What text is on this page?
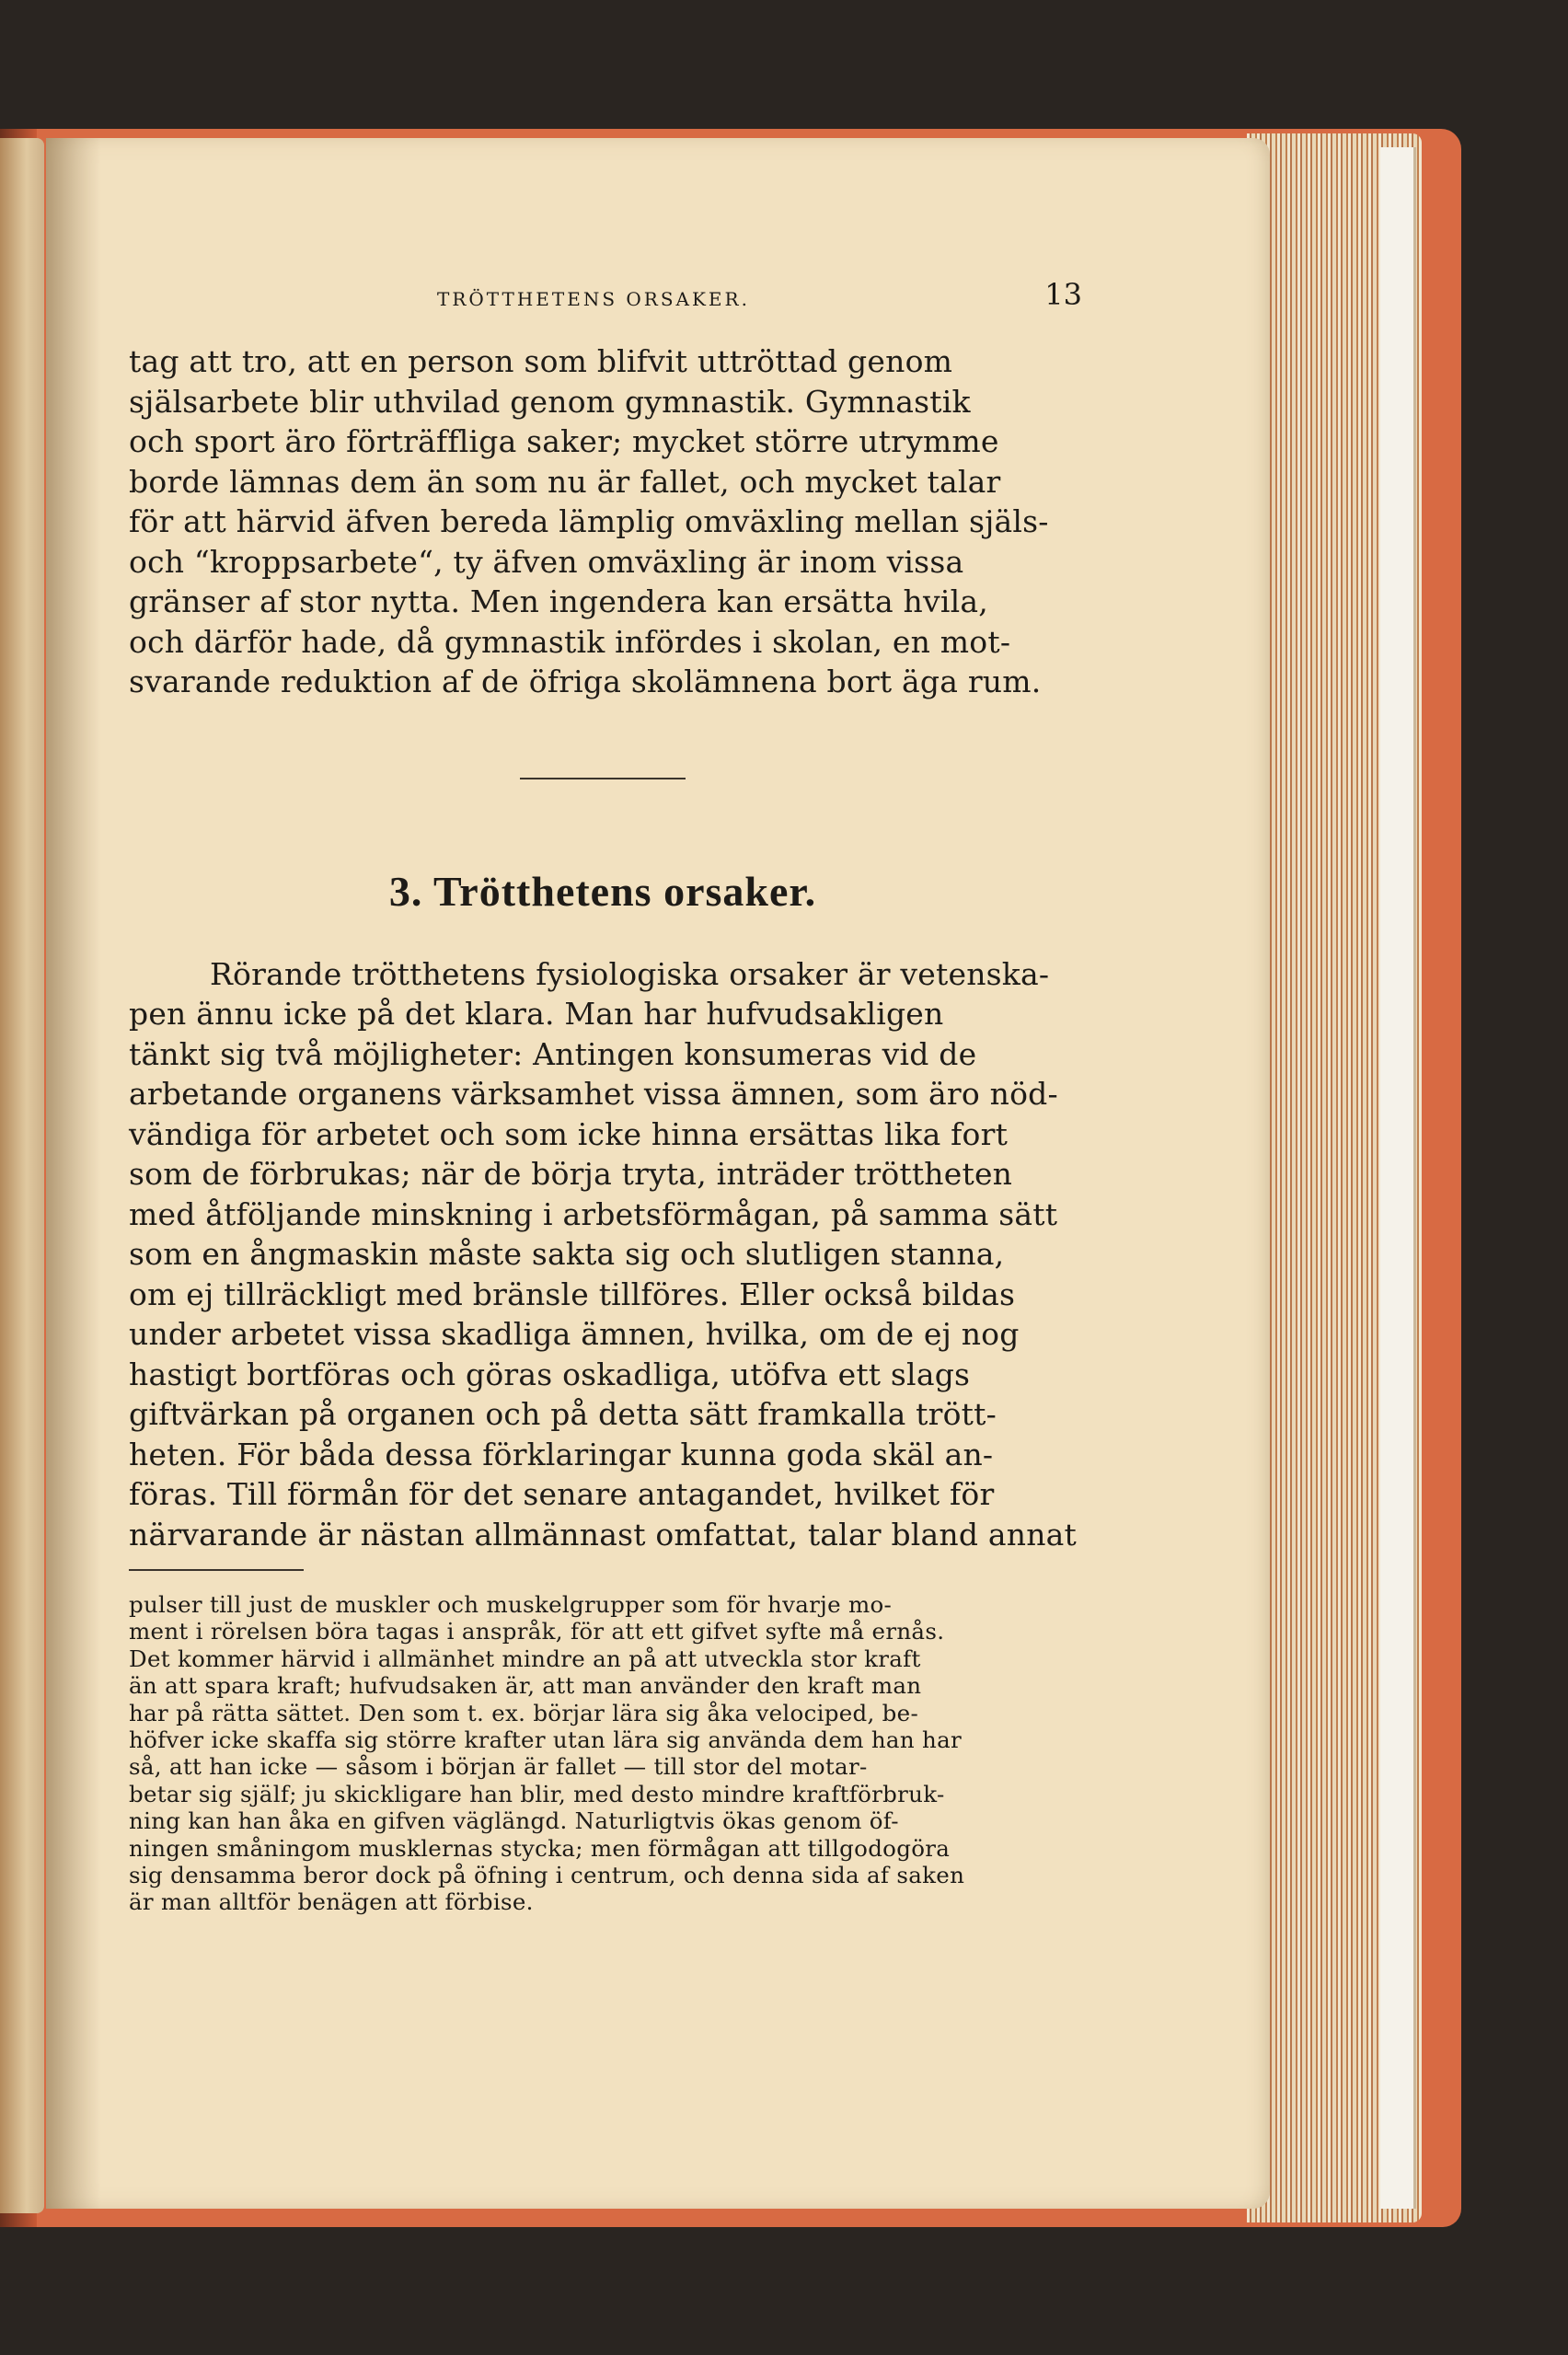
TRÖTTHETENS ORSAKER.	13
tag att tro, att en person som blifvit uttröttad genom
själsarbete blir uthvilad genom gymnastik. Gymnastik
och sport äro förträffliga saker; mycket större utrymme
borde lämnas dem än som nu är fallet, och mycket talar
för att härvid äfven bereda lämplig omväxling mellan själs-
och “kroppsarbete“, ty äfven omväxling är inom vissa
gränser af stor nytta. Men ingendera kan ersätta hvila,
och därför hade, då gymnastik infördes i skolan, en mot-
svarande reduktion af de öfriga skolämnena bort äga rum.
3. Trötthetens orsaker.
Rörande trötthetens fysiologiska orsaker är vetenska-
pen ännu icke på det klara. Man har hufvudsakligen
tänkt sig två möjligheter: Antingen konsumeras vid de
arbetande organens värksamhet vissa ämnen, som äro nöd-
vändiga för arbetet och som icke hinna ersättas lika fort
som de förbrukas; när de börja tryta, inträder tröttheten
med åtföljande minskning i arbetsförmågan, på samma sätt
som en ångmaskin måste sakta sig och slutligen stanna,
om ej tillräckligt med bränsle tillföres. Eller också bildas
under arbetet vissa skadliga ämnen, hvilka, om de ej nog
hastigt bortföras och göras oskadliga, utöfva ett slags
giftvärkan på organen och på detta sätt framkalla trött-
heten. För båda dessa förklaringar kunna goda skäl an-
föras. Till förmån för det senare antagandet, hvilket för
närvarande är nästan allmännast omfattat, talar bland annat
pulser till just de muskler och muskelgrupper som för hvarje mo-
ment i rörelsen böra tagas i anspråk, för att ett gifvet syfte må ernås.
Det kommer härvid i allmänhet mindre an på att utveckla stor kraft
än att spara kraft; hufvudsaken är, att man använder den kraft man
har på rätta sättet. Den som t. ex. börjar lära sig åka velociped, be-
höfver icke skaffa sig större krafter utan lära sig använda dem han har
så, att han icke — såsom i början är fallet — till stor del motar-
betar sig själf; ju skickligare han blir, med desto mindre kraftförbruk-
ning kan han åka en gifven väglängd. Naturligtvis ökas genom öf-
ningen småningom musklernas stycka; men förmågan att tillgodogöra
sig densamma beror dock på öfning i centrum, och denna sida af saken
är man alltför benägen att förbise.
